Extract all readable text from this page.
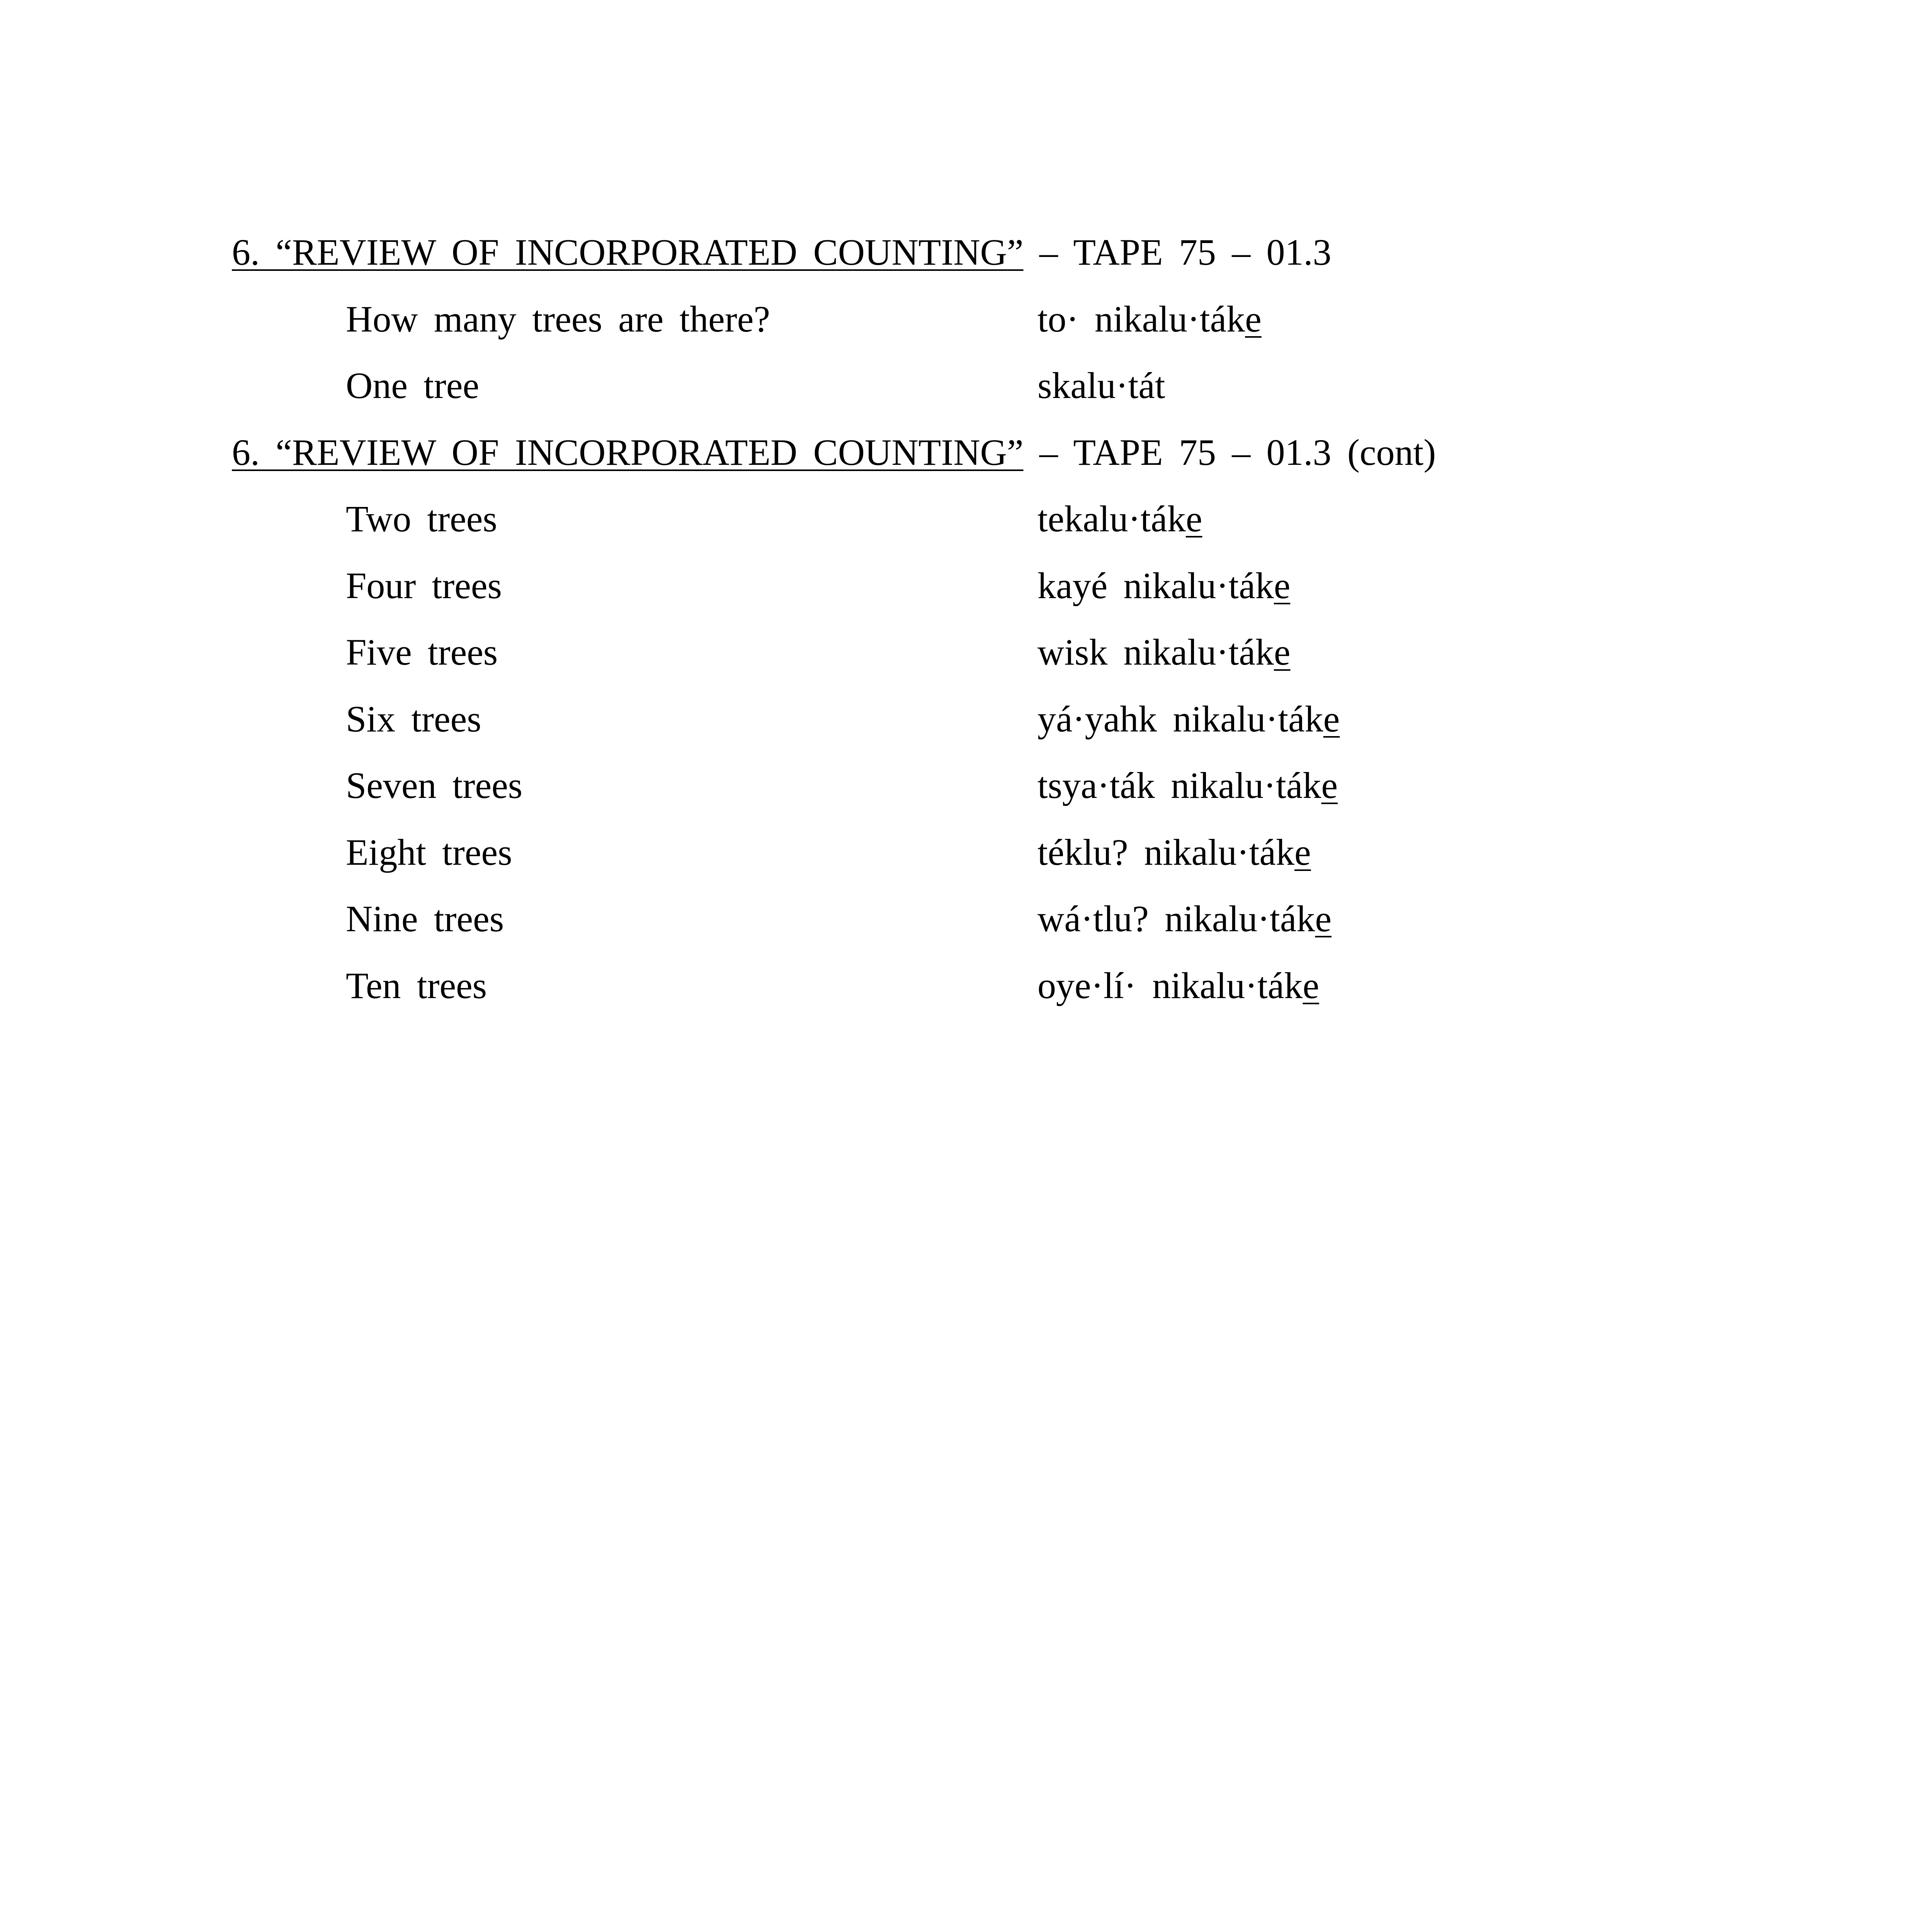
6. “REVIEW OF INCORPORATED COUNTING” – TAPE 75 – 01.3
How many trees are there?	to· nikalu·táke
One tree	skalu·tát
6. “REVIEW OF INCORPORATED COUNTING” – TAPE 75 – 01.3 (cont)
Two trees	tekalu·táke
Four trees	kayé nikalu·táke
Five trees	wisk nikalu·táke
Six trees	yá·yahk nikalu·táke
Seven trees	tsya·ták nikalu·táke
Eight trees	téklu? nikalu·táke
Nine trees	wá·tlu? nikalu·táke
Ten trees	oye·lí· nikalu·táke
